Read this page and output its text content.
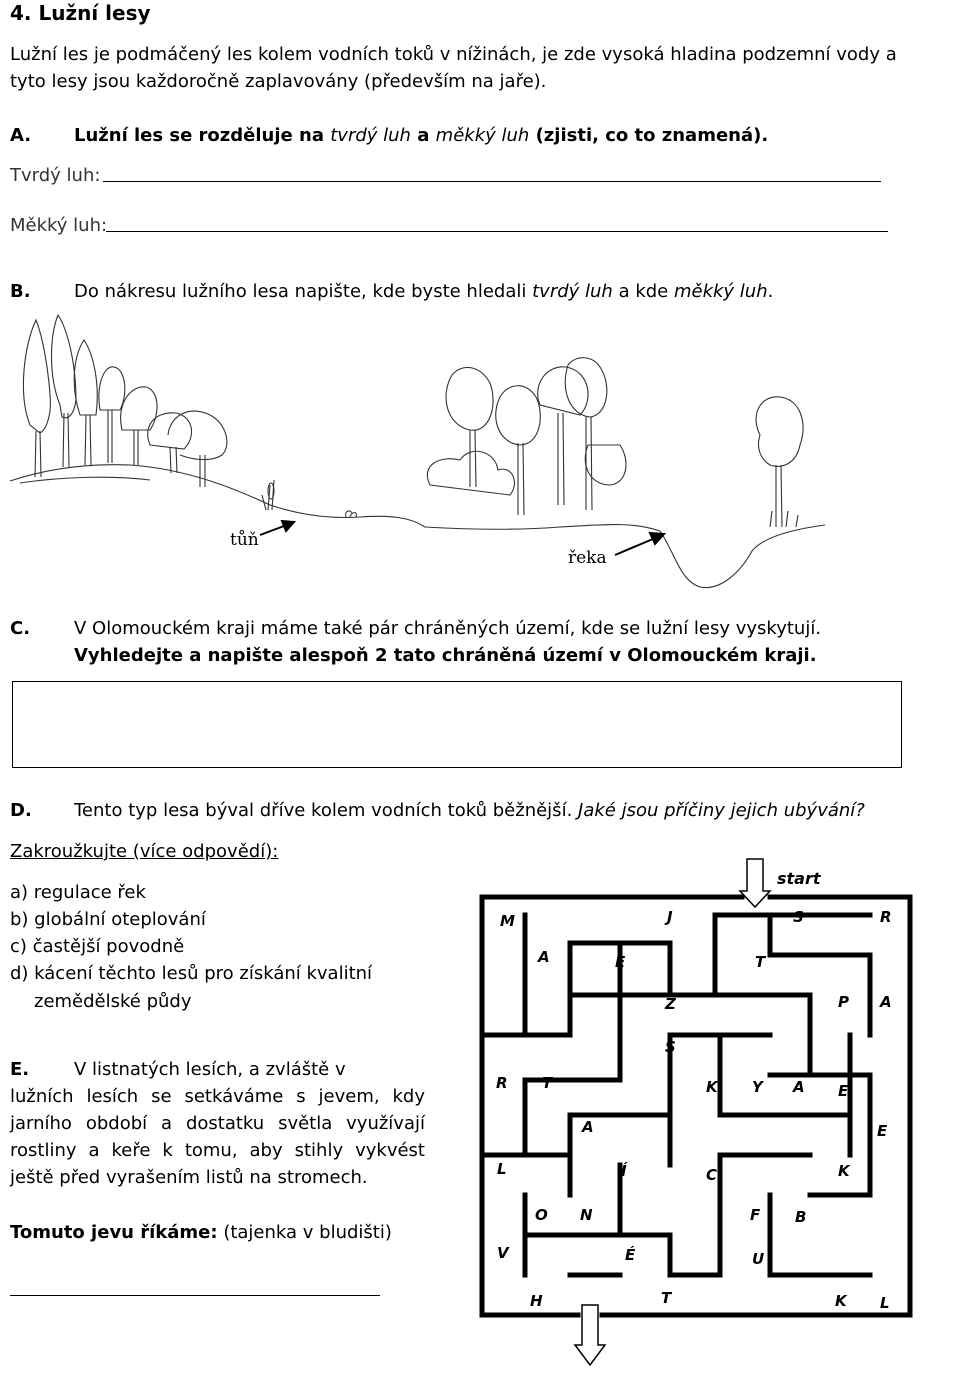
4. Lužní lesy
Lužní les je podmáčený les kolem vodních toků v nížinách, je zde vysoká hladina podzemní vody a
tyto lesy jsou každoročně zaplavovány (především na jaře).
A. Lužní les se rozděluje na tvrdý luh a měkký luh (zjisti, co to znamená).
Tvrdý luh:
Měkký luh:
B. Do nákresu lužního lesa napište, kde byste hledali tvrdý luh a kde měkký luh.
tůň
řeka
C. V Olomouckém kraji máme také pár chráněných území, kde se lužní lesy vyskytují.
Vyhledejte a napište alespoň 2 tato chráněná území v Olomouckém kraji.
D. Tento typ lesa býval dříve kolem vodních toků běžnější. Jaké jsou příčiny jejich ubývání?
Zakroužkujte (více odpovědí):
a) regulace řek
b) globální oteplování
c) častější povodně
d) kácení těchto lesů pro získání kvalitní
zemědělské půdy
E. V listnatých lesích, a zvláště v
lužních lesích se setkáváme s jevem, kdy
jarního období a dostatku světla využívají
rostliny a keře k tomu, aby stihly vykvést
ještě před vyrašením listů na stromech.
Tomuto jevu říkáme: (tajenka v bludišti)
start
M	J	S	R
A	E	T
Z	P A
S
R T	K Y A E
A	E
L	Í	C	K
O N	F B
V	É	U
H	T	K L
